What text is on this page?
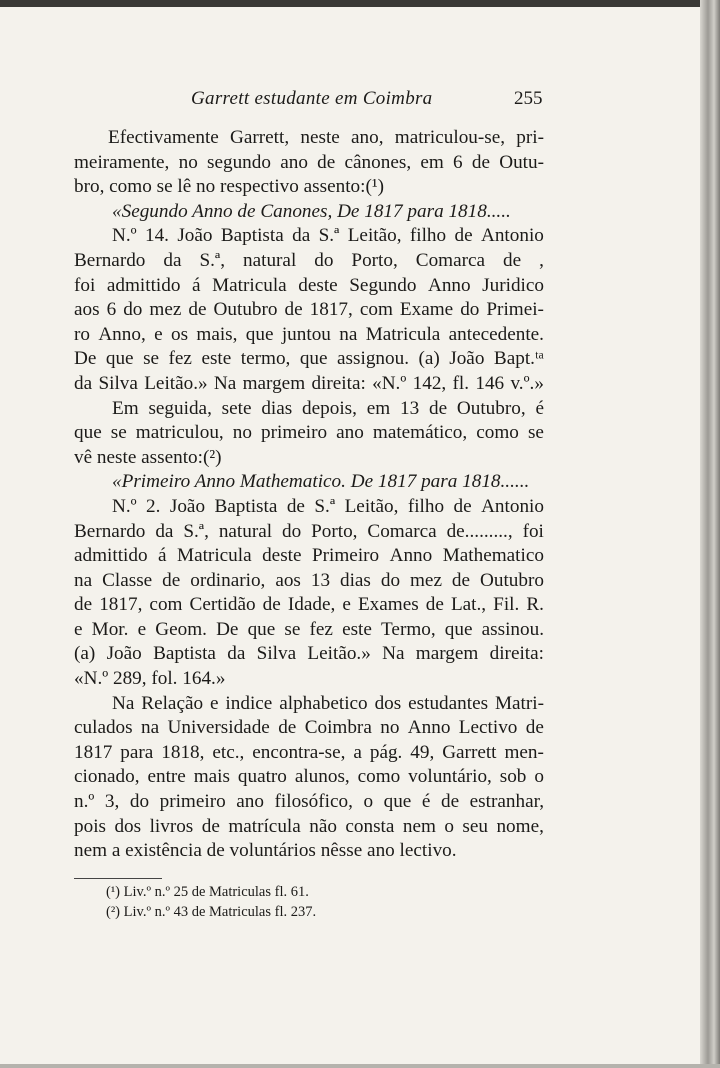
Garrett estudante em Coimbra	255
Efectivamente Garrett, neste ano, matriculou-se, pri-
meiramente, no segundo ano de cânones, em 6 de Outu-
bro, como se lê no respectivo assento:(¹)
«Segundo Anno de Canones, De 1817 para 1818.....
N.º 14. João Baptista da S.ª Leitão, filho de Antonio
Bernardo da S.ª, natural do Porto, Comarca de ,
foi admittido á Matricula deste Segundo Anno Juridico
aos 6 do mez de Outubro de 1817, com Exame do Primei-
ro Anno, e os mais, que juntou na Matricula antecedente.
De que se fez este termo, que assignou. (a) João Bapt.ᵗᵃ
da Silva Leitão.» Na margem direita: «N.º 142, fl. 146 v.º.»
Em seguida, sete dias depois, em 13 de Outubro, é
que se matriculou, no primeiro ano matemático, como se
vê neste assento:(²)
«Primeiro Anno Mathematico. De 1817 para 1818......
N.º 2. João Baptista de S.ª Leitão, filho de Antonio
Bernardo da S.ª, natural do Porto, Comarca de........., foi
admittido á Matricula deste Primeiro Anno Mathematico
na Classe de ordinario, aos 13 dias do mez de Outubro
de 1817, com Certidão de Idade, e Exames de Lat., Fil. R.
e Mor. e Geom. De que se fez este Termo, que assinou.
(a) João Baptista da Silva Leitão.» Na margem direita:
«N.º 289, fol. 164.»
Na Relação e indice alphabetico dos estudantes Matri-
culados na Universidade de Coimbra no Anno Lectivo de
1817 para 1818, etc., encontra-se, a pág. 49, Garrett men-
cionado, entre mais quatro alunos, como voluntário, sob o
n.º 3, do primeiro ano filosófico, o que é de estranhar,
pois dos livros de matrícula não consta nem o seu nome,
nem a existência de voluntários nêsse ano lectivo.
(¹) Liv.º n.º 25 de Matriculas fl. 61.
(²) Liv.º n.º 43 de Matriculas fl. 237.
